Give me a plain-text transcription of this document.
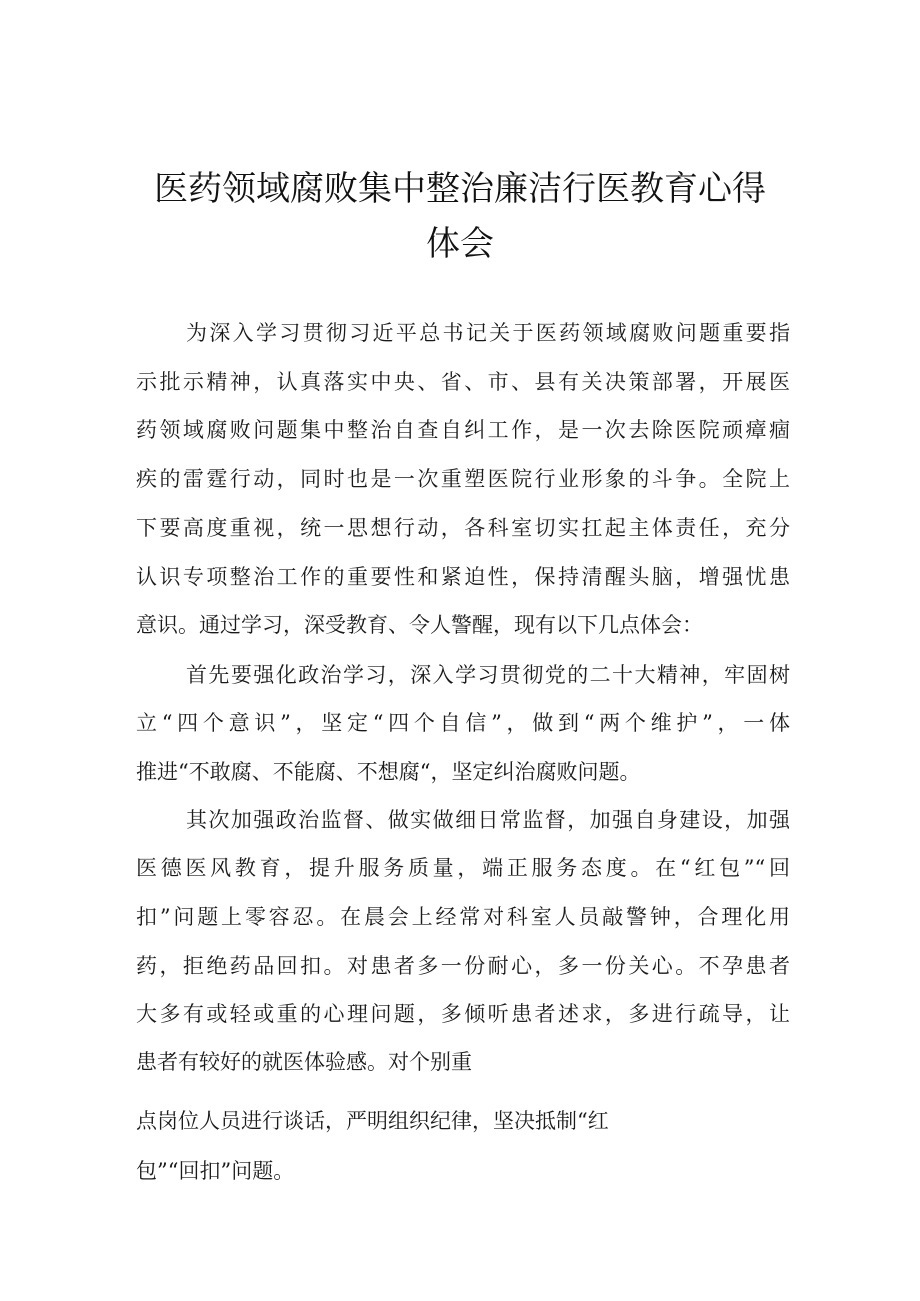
医药领域腐败集中整治廉洁行医教育心得
体会
为深入学习贯彻习近平总书记关于医药领域腐败问题重要指
示批示精神，认真落实中央、省、市、县有关决策部署，开展医
药领域腐败问题集中整治自查自纠工作，是一次去除医院顽瘴痼
疾的雷霆行动，同时也是一次重塑医院行业形象的斗争。全院上
下要高度重视，统一思想行动，各科室切实扛起主体责任，充分
认识专项整治工作的重要性和紧迫性，保持清醒头脑，增强忧患
意识。通过学习，深受教育、令人警醒，现有以下几点体会：
首先要强化政治学习，深入学习贯彻党的二十大精神，牢固树
立“四个意识”，坚定“四个自信”，做到“两个维护”，一体
推进“不敢腐、不能腐、不想腐“，坚定纠治腐败问题。
其次加强政治监督、做实做细日常监督，加强自身建设，加强
医德医风教育，提升服务质量，端正服务态度。在“红包”“回
扣”问题上零容忍。在晨会上经常对科室人员敲警钟，合理化用
药，拒绝药品回扣。对患者多一份耐心，多一份关心。不孕患者
大多有或轻或重的心理问题，多倾听患者述求，多进行疏导，让
患者有较好的就医体验感。对个别重
点岗位人员进行谈话，严明组织纪律，坚决抵制“红
包”“回扣”问题。
